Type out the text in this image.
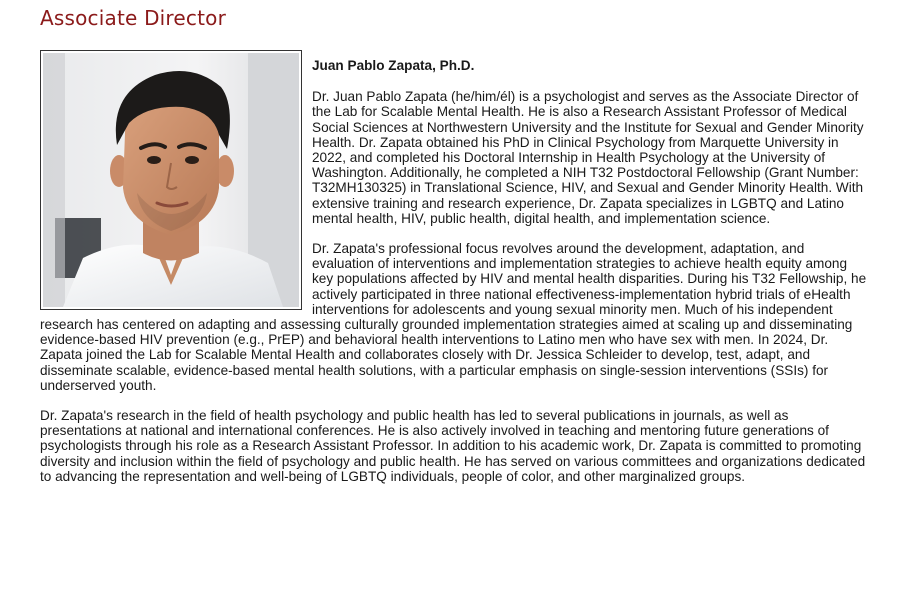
Associate Director
Juan Pablo Zapata, Ph.D.

Dr. Juan Pablo Zapata (he/him/él) is a psychologist and serves as the Associate Director of the Lab for Scalable Mental Health. He is also a Research Assistant Professor of Medical Social Sciences at Northwestern University and the Institute for Sexual and Gender Minority Health. Dr. Zapata obtained his PhD in Clinical Psychology from Marquette University in 2022, and completed his Doctoral Internship in Health Psychology at the University of Washington. Additionally, he completed a NIH T32 Postdoctoral Fellowship (Grant Number: T32MH130325) in Translational Science, HIV, and Sexual and Gender Minority Health. With extensive training and research experience, Dr. Zapata specializes in LGBTQ and Latino mental health, HIV, public health, digital health, and implementation science.

Dr. Zapata's professional focus revolves around the development, adaptation, and evaluation of interventions and implementation strategies to achieve health equity among key populations affected by HIV and mental health disparities. During his T32 Fellowship, he actively participated in three national effectiveness-implementation hybrid trials of eHealth interventions for adolescents and young sexual minority men. Much of his independent research has centered on adapting and assessing culturally grounded implementation strategies aimed at scaling up and disseminating evidence-based HIV prevention (e.g., PrEP) and behavioral health interventions to Latino men who have sex with men. In 2024, Dr. Zapata joined the Lab for Scalable Mental Health and collaborates closely with Dr. Jessica Schleider to develop, test, adapt, and disseminate scalable, evidence-based mental health solutions, with a particular emphasis on single-session interventions (SSIs) for underserved youth.

Dr. Zapata's research in the field of health psychology and public health has led to several publications in journals, as well as presentations at national and international conferences. He is also actively involved in teaching and mentoring future generations of psychologists through his role as a Research Assistant Professor. In addition to his academic work, Dr. Zapata is committed to promoting diversity and inclusion within the field of psychology and public health. He has served on various committees and organizations dedicated to advancing the representation and well-being of LGBTQ individuals, people of color, and other marginalized groups.
